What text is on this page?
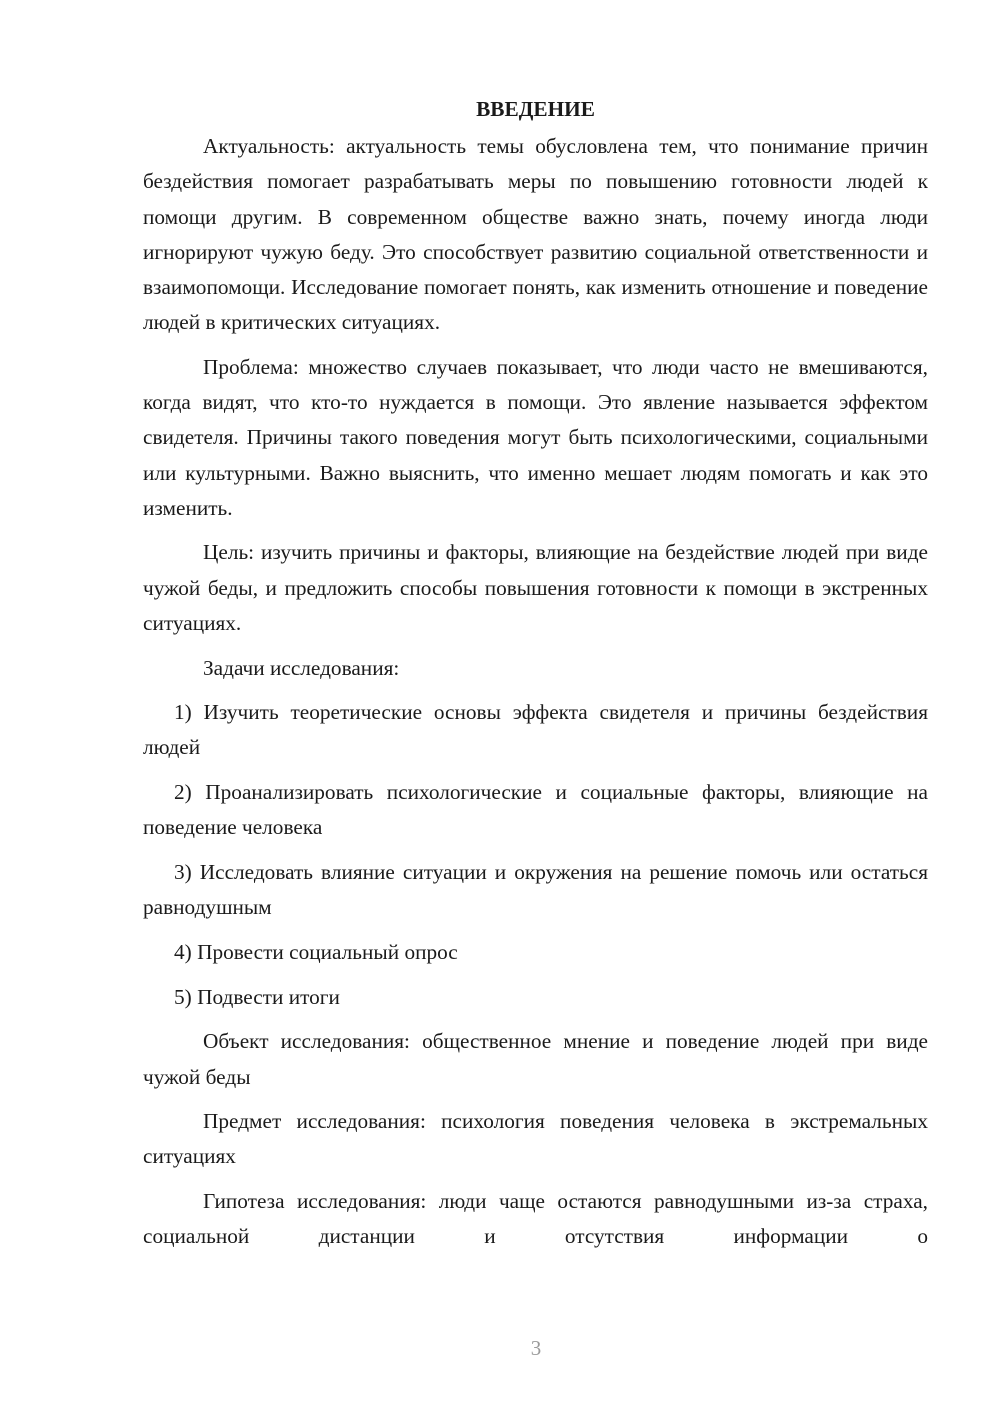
ВВЕДЕНИЕ

Актуальность: актуальность темы обусловлена тем, что понимание причин бездействия помогает разрабатывать меры по повышению готовности людей к помощи другим. В современном обществе важно знать, почему иногда люди игнорируют чужую беду. Это способствует развитию социальной ответственности и взаимопомощи. Исследование помогает понять, как изменить отношение и поведение людей в критических ситуациях.

Проблема: множество случаев показывает, что люди часто не вмешиваются, когда видят, что кто-то нуждается в помощи. Это явление называется эффектом свидетеля. Причины такого поведения могут быть психологическими, социальными или культурными. Важно выяснить, что именно мешает людям помогать и как это изменить.

Цель: изучить причины и факторы, влияющие на бездействие людей при виде чужой беды, и предложить способы повышения готовности к помощи в экстренных ситуациях.

Задачи исследования:

1) Изучить теоретические основы эффекта свидетеля и причины бездействия людей

2) Проанализировать психологические и социальные факторы, влияющие на поведение человека

3) Исследовать влияние ситуации и окружения на решение помочь или остаться равнодушным

4) Провести социальный опрос

5) Подвести итоги

Объект исследования: общественное мнение и поведение людей при виде чужой беды

Предмет исследования: психология поведения человека в экстремальных ситуациях

Гипотеза исследования: люди чаще остаются равнодушными из-за страха, социальной дистанции и отсутствия информации о

3
